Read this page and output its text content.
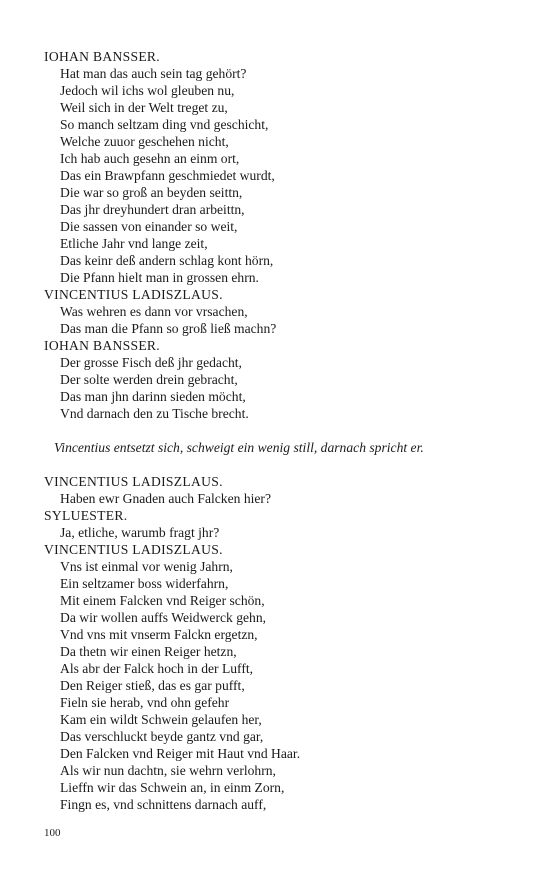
IOHAN BANSSER.
Hat man das auch sein tag gehört?
Jedoch wil ichs wol gleuben nu,
Weil sich in der Welt treget zu,
So manch seltzam ding vnd geschicht,
Welche zuuor geschehen nicht,
Ich hab auch gesehn an einm ort,
Das ein Brawpfann geschmiedet wurdt,
Die war so groß an beyden seittn,
Das jhr dreyhundert dran arbeittn,
Die sassen von einander so weit,
Etliche Jahr vnd lange zeit,
Das keinr deß andern schlag kont hörn,
Die Pfann hielt man in grossen ehrn.
VINCENTIUS LADISZLAUS.
Was wehren es dann vor vrsachen,
Das man die Pfann so groß ließ machn?
IOHAN BANSSER.
Der grosse Fisch deß jhr gedacht,
Der solte werden drein gebracht,
Das man jhn darinn sieden möcht,
Vnd darnach den zu Tische brecht.
Vincentius entsetzt sich, schweigt ein wenig still, darnach spricht er.
VINCENTIUS LADISZLAUS.
Haben ewr Gnaden auch Falcken hier?
SYLUESTER.
Ja, etliche, warumb fragt jhr?
VINCENTIUS LADISZLAUS.
Vns ist einmal vor wenig Jahrn,
Ein seltzamer boss widerfahrn,
Mit einem Falcken vnd Reiger schön,
Da wir wollen auffs Weidwerck gehn,
Vnd vns mit vnserm Falckn ergetzn,
Da thetn wir einen Reiger hetzn,
Als abr der Falck hoch in der Lufft,
Den Reiger stieß, das es gar pufft,
Fieln sie herab, vnd ohn gefehr
Kam ein wildt Schwein gelaufen her,
Das verschluckt beyde gantz vnd gar,
Den Falcken vnd Reiger mit Haut vnd Haar.
Als wir nun dachtn, sie wehrn verlohrn,
Lieffn wir das Schwein an, in einm Zorn,
Fingn es, vnd schnittens darnach auff,
100
